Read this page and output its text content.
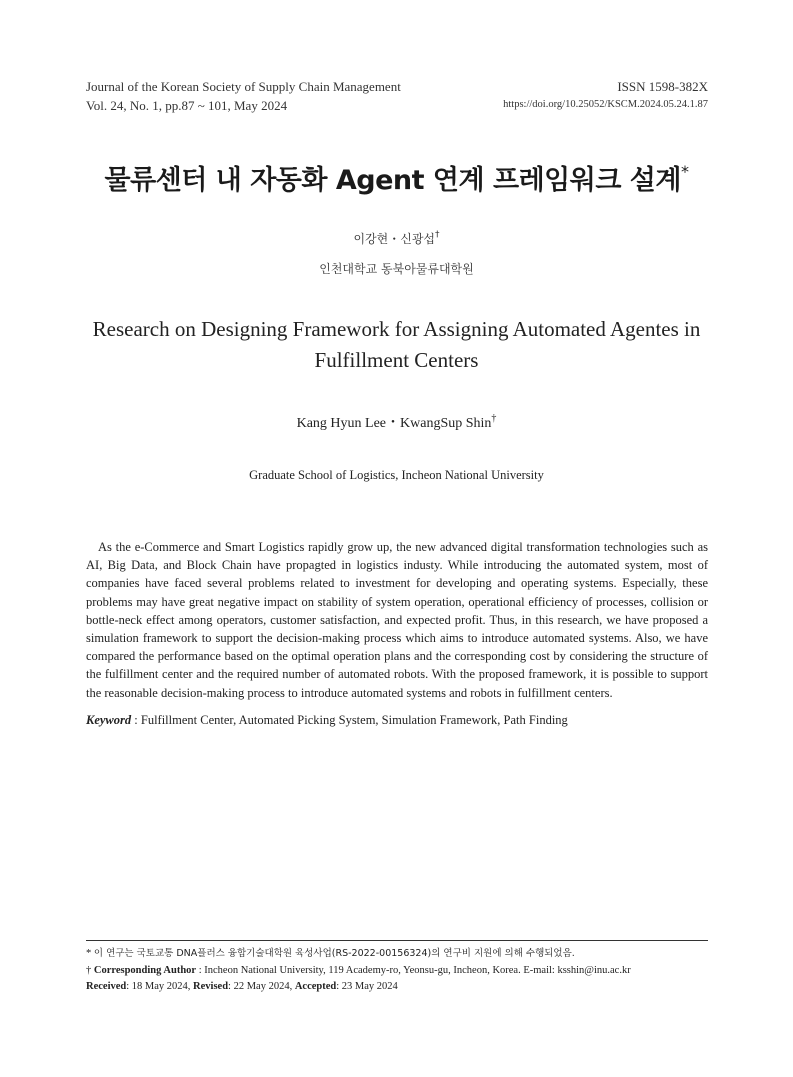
Journal of the Korean Society of Supply Chain Management	ISSN 1598-382X
Vol. 24, No. 1, pp.87 ~ 101, May 2024	https://doi.org/10.25052/KSCM.2024.05.24.1.87
물류센터 내 자동화 Agent 연계 프레임워크 설계*
이강현・신광섭†
인천대학교 동북아물류대학원
Research on Designing Framework for Assigning Automated Agentes in
Fulfillment Centers
Kang Hyun Lee・KwangSup Shin†
Graduate School of Logistics, Incheon National University

As the e-Commerce and Smart Logistics rapidly grow up, the new advanced digital transformation technologies such as AI, Big Data, and Block Chain have propagted in logistics industy. While introducing the automated system, most of companies have faced several problems related to investment for developing and operating systems. Especially, these problems may have great negative impact on stability of system operation, operational efficiency of processes, collision or bottle-neck effect among operators, customer satisfaction, and expected profit. Thus, in this research, we have proposed a simulation framework to support the decision-making process which aims to introduce automated systems. Also, we have compared the performance based on the optimal operation plans and the corresponding cost by considering the structure of the fulfillment center and the required number of automated robots. With the proposed framework, it is possible to support the reasonable decision-making process to introduce automated systems and robots in fulfillment centers.

Keyword : Fulfillment Center, Automated Picking System, Simulation Framework, Path Finding
* 이 연구는 국토교통 DNA플러스 융합기술대학원 육성사업(RS-2022-00156324)의 연구비 지원에 의해 수행되었음.
† Corresponding Author : Incheon National University, 119 Academy-ro, Yeonsu-gu, Incheon, Korea. E-mail: ksshin@inu.ac.kr
Received: 18 May 2024, Revised: 22 May 2024, Accepted: 23 May 2024
